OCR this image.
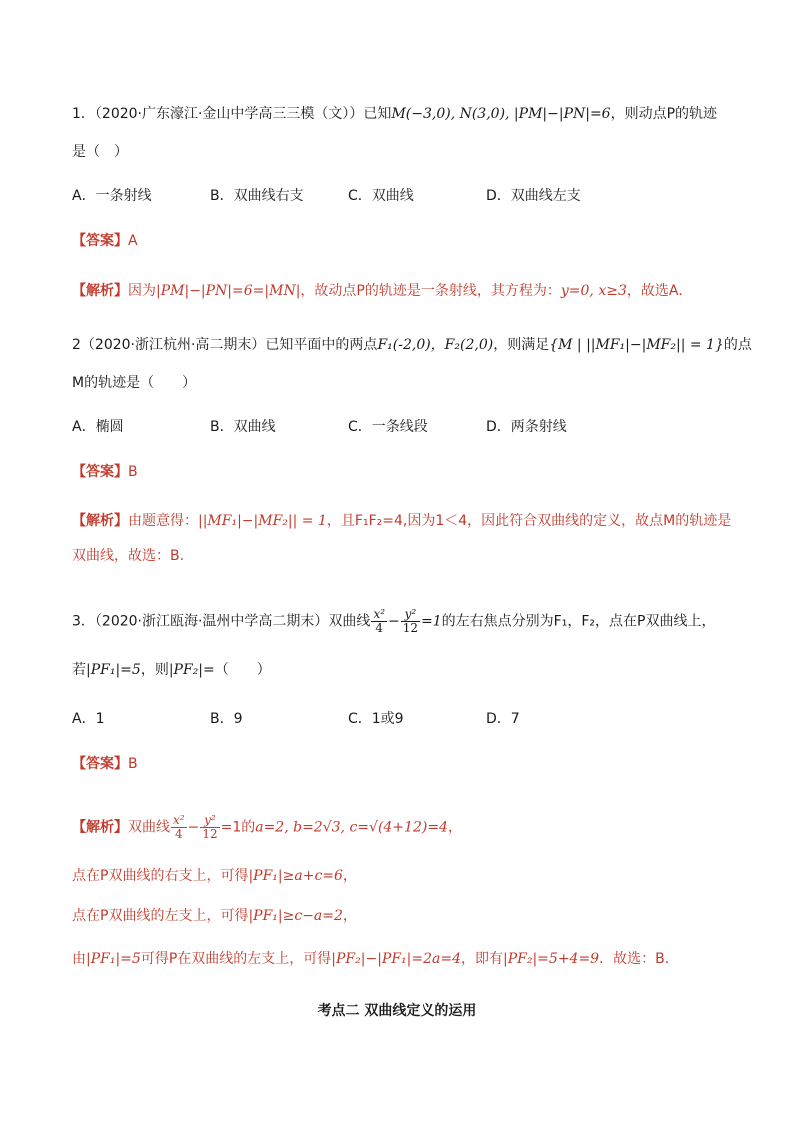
1．（2020·广东濠江·金山中学高三三模（文））已知M(−3,0), N(3,0), |PM|−|PN|=6，则动点P的轨迹
是（　）
A．一条射线	B．双曲线右支	C．双曲线	D．双曲线左支
【答案】A
【解析】因为|PM|−|PN|=6=|MN|，故动点P的轨迹是一条射线，其方程为：y=0, x≥3，故选A.
2（2020·浙江杭州·高二期末）已知平面中的两点F₁(-2,0)，F₂(2,0)，则满足{M | ||MF₁|−|MF₂|| = 1}的点
M的轨迹是（　　）
A．椭圆	B．双曲线	C．一条线段	D．两条射线
【答案】B
【解析】由题意得：||MF₁|−|MF₂|| = 1，且F₁F₂=4,因为1＜4，因此符合双曲线的定义，故点M的轨迹是
双曲线，故选：B.
3．（2020·浙江瓯海·温州中学高二期末）双曲线 $\frac{\text{x²}}{4} - \frac{\text{y²}}{12} =1$的左右焦点分别为F₁，F₂，点在P双曲线上，
若|PF₁|=5，则|PF₂|=（　　）
A．1	B．9	C．1或9	D．7
【答案】B
【解析】双曲线 $\frac{\text{x²}}{4} - \frac{\text{y²}}{12} =1$的a=2, b=2√3, c=√(4+12)=4，
点在P双曲线的右支上，可得|PF₁|≥a+c=6，
点在P双曲线的左支上，可得|PF₁|≥c−a=2，
由|PF₁|=5可得P在双曲线的左支上，可得|PF₂|−|PF₁|=2a=4，即有|PF₂|=5+4=9．故选：B.
考点二 双曲线定义的运用
